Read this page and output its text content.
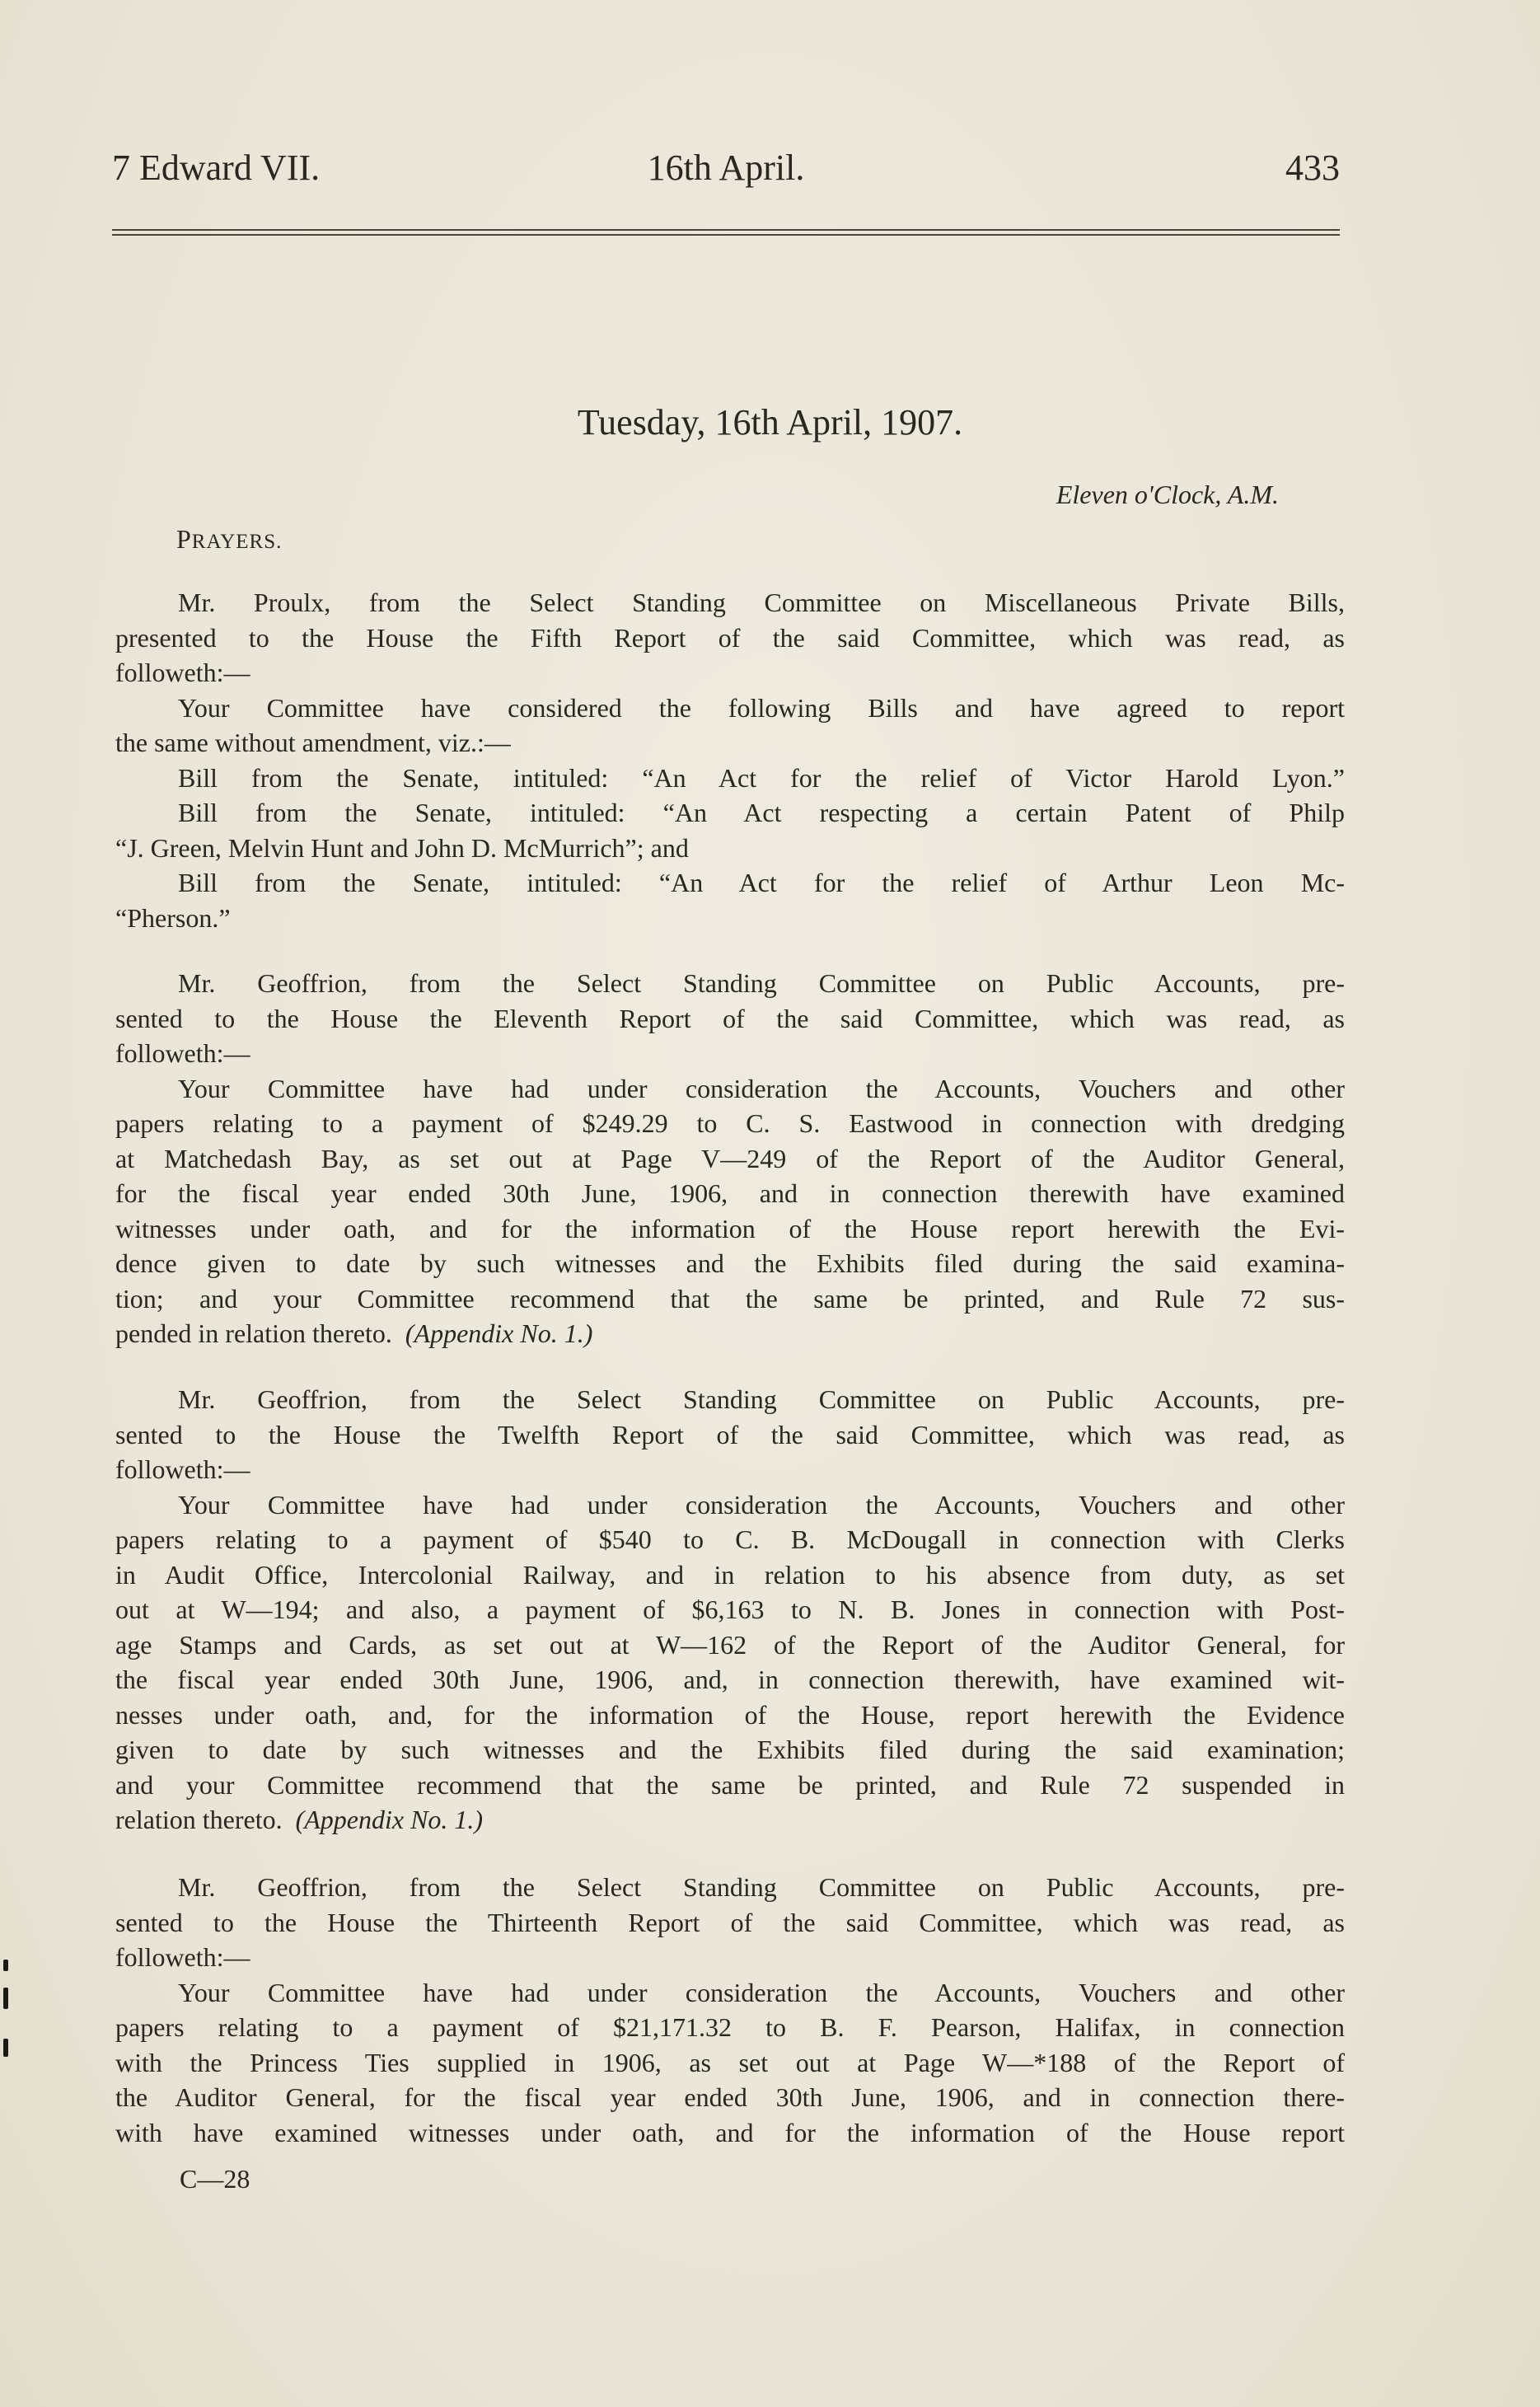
7 Edward VII.	16th April.	433
Tuesday, 16th April, 1907.
Eleven o'Clock, A.M.
PRAYERS.

Mr. Proulx, from the Select Standing Committee on Miscellaneous Private Bills,

presented to the House the Fifth Report of the said Committee, which was read, as

followeth:—

Your Committee have considered the following Bills and have agreed to report

the same without amendment, viz.:—

Bill from the Senate, intituled: “An Act for the relief of Victor Harold Lyon.”

Bill from the Senate, intituled: “An Act respecting a certain Patent of Philp

“J. Green, Melvin Hunt and John D. McMurrich”; and

Bill from the Senate, intituled: “An Act for the relief of Arthur Leon Mc-

“Pherson.”

Mr. Geoffrion, from the Select Standing Committee on Public Accounts, pre-

sented to the House the Eleventh Report of the said Committee, which was read, as

followeth:—

Your Committee have had under consideration the Accounts, Vouchers and other

papers relating to a payment of $249.29 to C. S. Eastwood in connection with dredging

at Matchedash Bay, as set out at Page V—249 of the Report of the Auditor General,

for the fiscal year ended 30th June, 1906, and in connection therewith have examined

witnesses under oath, and for the information of the House report herewith the Evi-

dence given to date by such witnesses and the Exhibits filed during the said examina-

tion; and your Committee recommend that the same be printed, and Rule 72 sus-

pended in relation thereto. (Appendix No. 1.)

Mr. Geoffrion, from the Select Standing Committee on Public Accounts, pre-

sented to the House the Twelfth Report of the said Committee, which was read, as

followeth:—

Your Committee have had under consideration the Accounts, Vouchers and other

papers relating to a payment of $540 to C. B. McDougall in connection with Clerks

in Audit Office, Intercolonial Railway, and in relation to his absence from duty, as set

out at W—194; and also, a payment of $6,163 to N. B. Jones in connection with Post-

age Stamps and Cards, as set out at W—162 of the Report of the Auditor General, for

the fiscal year ended 30th June, 1906, and, in connection therewith, have examined wit-

nesses under oath, and, for the information of the House, report herewith the Evidence

given to date by such witnesses and the Exhibits filed during the said examination;

and your Committee recommend that the same be printed, and Rule 72 suspended in

relation thereto. (Appendix No. 1.)

Mr. Geoffrion, from the Select Standing Committee on Public Accounts, pre-

sented to the House the Thirteenth Report of the said Committee, which was read, as

followeth:—

Your Committee have had under consideration the Accounts, Vouchers and other

papers relating to a payment of $21,171.32 to B. F. Pearson, Halifax, in connection

with the Princess Ties supplied in 1906, as set out at Page W—*188 of the Report of

the Auditor General, for the fiscal year ended 30th June, 1906, and in connection there-

with have examined witnesses under oath, and for the information of the House report

C—28
